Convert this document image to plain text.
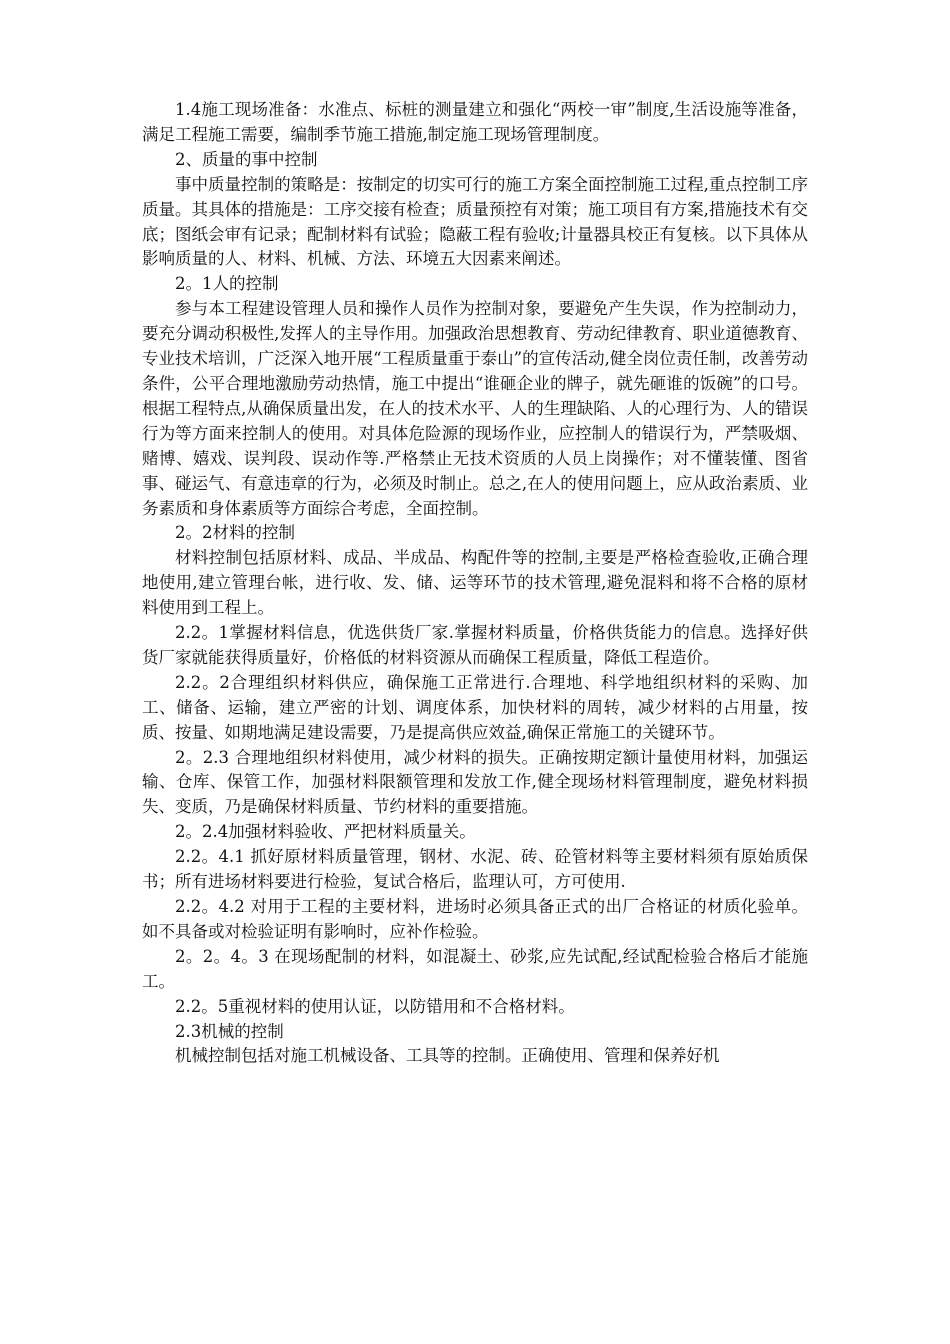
1.4施工现场准备：水准点、标桩的测量建立和强化“两校一审”制度,生活设施等准备，满足工程施工需要，编制季节施工措施,制定施工现场管理制度。

2、质量的事中控制

事中质量控制的策略是：按制定的切实可行的施工方案全面控制施工过程,重点控制工序质量。其具体的措施是：工序交接有检查；质量预控有对策；施工项目有方案,措施技术有交底；图纸会审有记录；配制材料有试验；隐蔽工程有验收;计量器具校正有复核。以下具体从影响质量的人、材料、机械、方法、环境五大因素来阐述。

2。1人的控制

参与本工程建设管理人员和操作人员作为控制对象，要避免产生失误，作为控制动力，要充分调动积极性,发挥人的主导作用。加强政治思想教育、劳动纪律教育、职业道德教育、专业技术培训，广泛深入地开展“工程质量重于泰山”的宣传活动,健全岗位责任制，改善劳动条件，公平合理地激励劳动热情，施工中提出“谁砸企业的牌子，就先砸谁的饭碗”的口号。根据工程特点,从确保质量出发，在人的技术水平、人的生理缺陷、人的心理行为、人的错误行为等方面来控制人的使用。对具体危险源的现场作业，应控制人的错误行为，严禁吸烟、赌博、嬉戏、误判段、误动作等.严格禁止无技术资质的人员上岗操作；对不懂装懂、图省事、碰运气、有意违章的行为，必须及时制止。总之,在人的使用问题上，应从政治素质、业务素质和身体素质等方面综合考虑，全面控制。

2。2材料的控制

材料控制包括原材料、成品、半成品、构配件等的控制,主要是严格检查验收,正确合理地使用,建立管理台帐，进行收、发、储、运等环节的技术管理,避免混料和将不合格的原材料使用到工程上。

2.2。1掌握材料信息，优选供货厂家.掌握材料质量，价格供货能力的信息。选择好供货厂家就能获得质量好，价格低的材料资源从而确保工程质量，降低工程造价。

2.2。2合理组织材料供应，确保施工正常进行.合理地、科学地组织材料的采购、加工、储备、运输，建立严密的计划、调度体系，加快材料的周转，减少材料的占用量，按质、按量、如期地满足建设需要，乃是提高供应效益,确保正常施工的关键环节。

2。2.3 合理地组织材料使用，减少材料的损失。正确按期定额计量使用材料，加强运输、仓库、保管工作，加强材料限额管理和发放工作,健全现场材料管理制度，避免材料损失、变质，乃是确保材料质量、节约材料的重要措施。

2。2.4加强材料验收、严把材料质量关。

2.2。4.1 抓好原材料质量管理，钢材、水泥、砖、砼管材料等主要材料须有原始质保书；所有进场材料要进行检验，复试合格后，监理认可，方可使用.

2.2。4.2 对用于工程的主要材料，进场时必须具备正式的出厂合格证的材质化验单。如不具备或对检验证明有影响时，应补作检验。

2。2。4。3 在现场配制的材料，如混凝土、砂浆,应先试配,经试配检验合格后才能施工。

2.2。5重视材料的使用认证，以防错用和不合格材料。

2.3机械的控制

机械控制包括对施工机械设备、工具等的控制。正确使用、管理和保养好机
